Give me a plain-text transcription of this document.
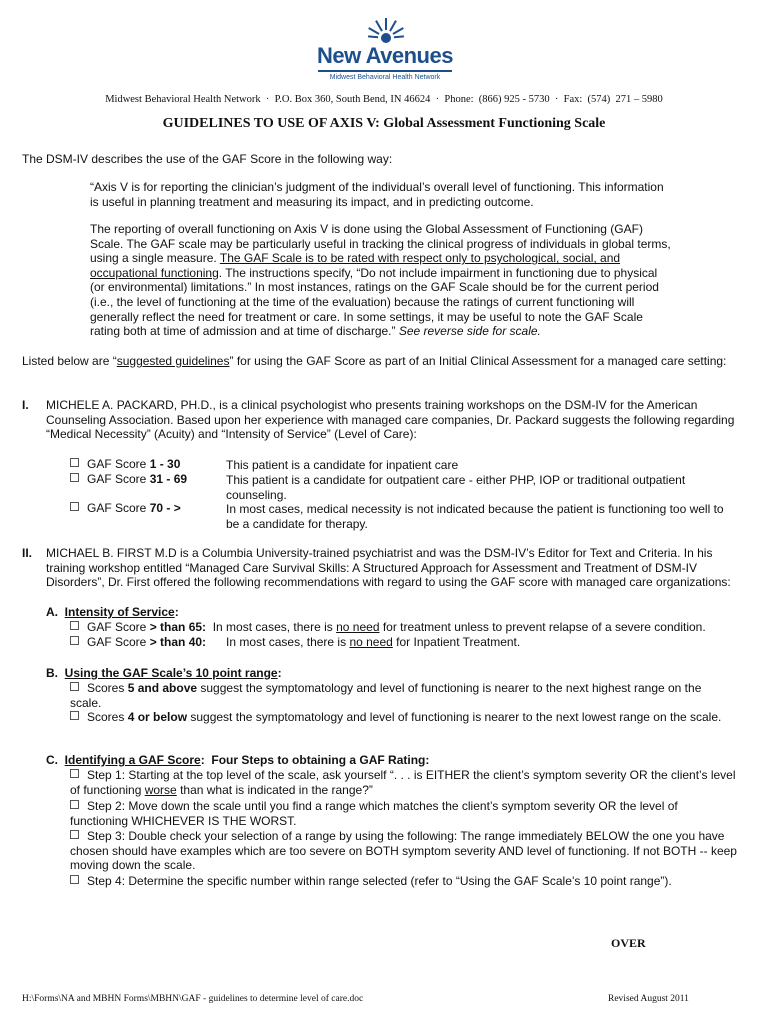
New Avenues
Midwest Behavioral Health Network
Midwest Behavioral Health Network  ·  P.O. Box 360, South Bend, IN 46624  ·  Phone:  (866) 925 - 5730  ·  Fax:  (574)  271 – 5980
GUIDELINES TO USE OF AXIS V: Global Assessment Functioning Scale
The DSM-IV describes the use of the GAF Score in the following way:
“Axis V is for reporting the clinician’s judgment of the individual’s overall level of functioning. This information is useful in planning treatment and measuring its impact, and in predicting outcome.
The reporting of overall functioning on Axis V is done using the Global Assessment of Functioning (GAF) Scale. The GAF scale may be particularly useful in tracking the clinical progress of individuals in global terms, using a single measure. The GAF Scale is to be rated with respect only to psychological, social, and occupational functioning. The instructions specify, “Do not include impairment in functioning due to physical (or environmental) limitations.” In most instances, ratings on the GAF Scale should be for the current period (i.e., the level of functioning at the time of the evaluation) because the ratings of current functioning will generally reflect the need for treatment or care. In some settings, it may be useful to note the GAF Scale rating both at time of admission and at time of discharge.” See reverse side for scale.
Listed below are “suggested guidelines” for using the GAF Score as part of an Initial Clinical Assessment for a managed care setting:
I. MICHELE A. PACKARD, PH.D., is a clinical psychologist who presents training workshops on the DSM-IV for the American Counseling Association. Based upon her experience with managed care companies, Dr. Packard suggests the following regarding “Medical Necessity” (Acuity) and “Intensity of Service” (Level of Care):
GAF Score 1 - 30	This patient is a candidate for inpatient care
GAF Score 31 - 69	This patient is a candidate for outpatient care - either PHP, IOP or traditional outpatient counseling.
GAF Score 70 - >	In most cases, medical necessity is not indicated because the patient is functioning too well to be a candidate for therapy.
II. MICHAEL B. FIRST M.D is a Columbia University-trained psychiatrist and was the DSM-IV’s Editor for Text and Criteria. In his training workshop entitled “Managed Care Survival Skills: A Structured Approach for Assessment and Treatment of DSM-IV Disorders”, Dr. First offered the following recommendations with regard to using the GAF score with managed care organizations:
A. Intensity of Service:
GAF Score > than 65:  In most cases, there is no need for treatment unless to prevent relapse of a severe condition.
GAF Score > than 40:      In most cases, there is no need for Inpatient Treatment.
B. Using the GAF Scale’s 10 point range:
Scores 5 and above suggest the symptomatology and level of functioning is nearer to the next highest range on the scale.
Scores 4 or below suggest the symptomatology and level of functioning is nearer to the next lowest range on the scale.
C. Identifying a GAF Score:  Four Steps to obtaining a GAF Rating:
Step 1: Starting at the top level of the scale, ask yourself “. . . is EITHER the client’s symptom severity OR the client’s level of functioning worse than what is indicated in the range?”
Step 2: Move down the scale until you find a range which matches the client’s symptom severity OR the level of functioning WHICHEVER IS THE WORST.
Step 3: Double check your selection of a range by using the following: The range immediately BELOW the one you have chosen should have examples which are too severe on BOTH symptom severity AND level of functioning. If not BOTH -- keep moving down the scale.
Step 4: Determine the specific number within range selected (refer to “Using the GAF Scale’s 10 point range”).
OVER
H:\Forms\NA and MBHN Forms\MBHN\GAF - guidelines to determine level of care.doc	Revised August 2011
